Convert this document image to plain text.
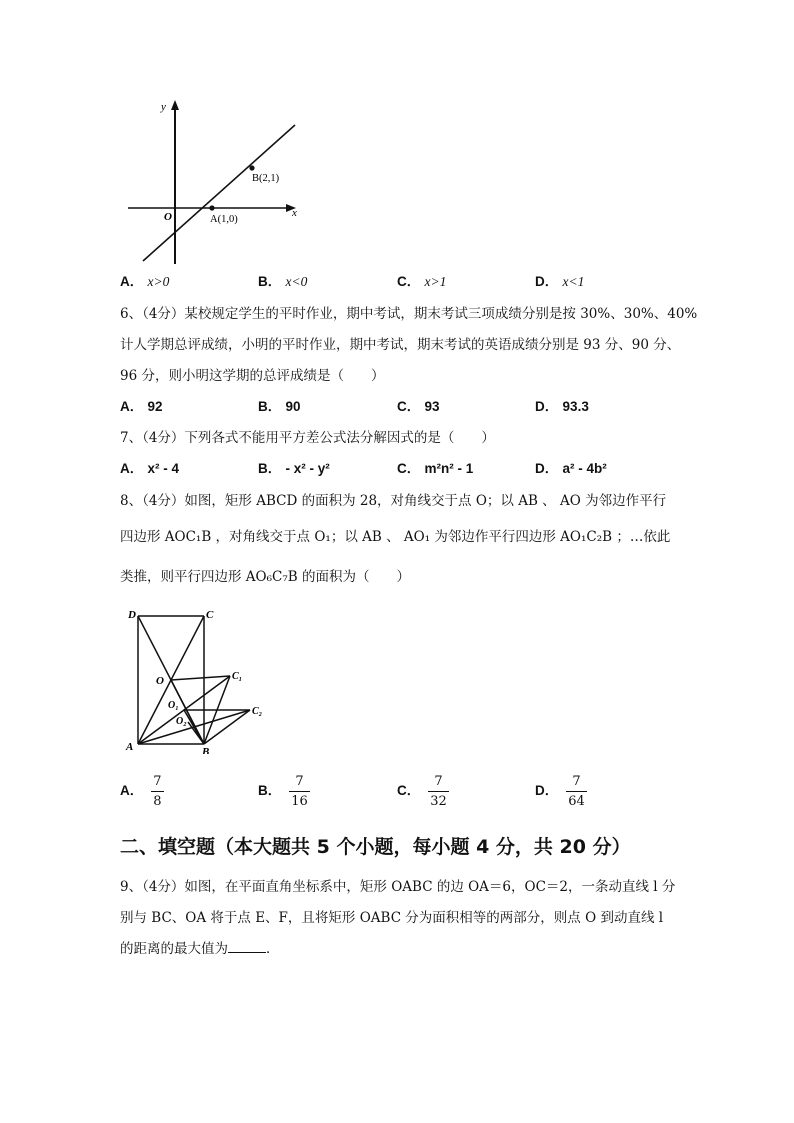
y
x
O	A(1,0)
B(2,1)
A． x>0	B． x<0	C． x>1	D． x<1
6、（4分）某校规定学生的平时作业，期中考试，期末考试三项成绩分别是按 30%、30%、40%
计人学期总评成绩，小明的平时作业，期中考试，期末考试的英语成绩分别是 93 分、90 分、
96 分，则小明这学期的总评成绩是（　　）
A． 92	B． 90	C． 93	D． 93.3
7、（4分）下列各式不能用平方差公式法分解因式的是（　　）
A． x² - 4	B． - x² - y²	C． m²n² - 1	D． a² - 4b²
8、（4分）如图，矩形 ABCD 的面积为 28，对角线交于点 O；以 AB 、 AO 为邻边作平行
四边形 AOC₁B ，对角线交于点 O₁；以 AB 、 AO₁ 为邻边作平行四边形 AO₁C₂B ；…依此
类推，则平行四边形 AO₆C₇B 的面积为（　　）
D	C
O	C₁
O₁
O₂
C₂
A	B
A． $\frac{7}{8}$	B． $\frac{7}{16}$	C． $\frac{7}{32}$	D． $\frac{7}{64}$
二、填空题（本大题共 5 个小题，每小题 4 分，共 20 分）
9、（4分）如图，在平面直角坐标系中，矩形 OABC 的边 OA＝6，OC＝2，一条动直线 l 分
别与 BC、OA 将于点 E、F，且将矩形 OABC 分为面积相等的两部分，则点 O 到动直线 l
的距离的最大值为	．
